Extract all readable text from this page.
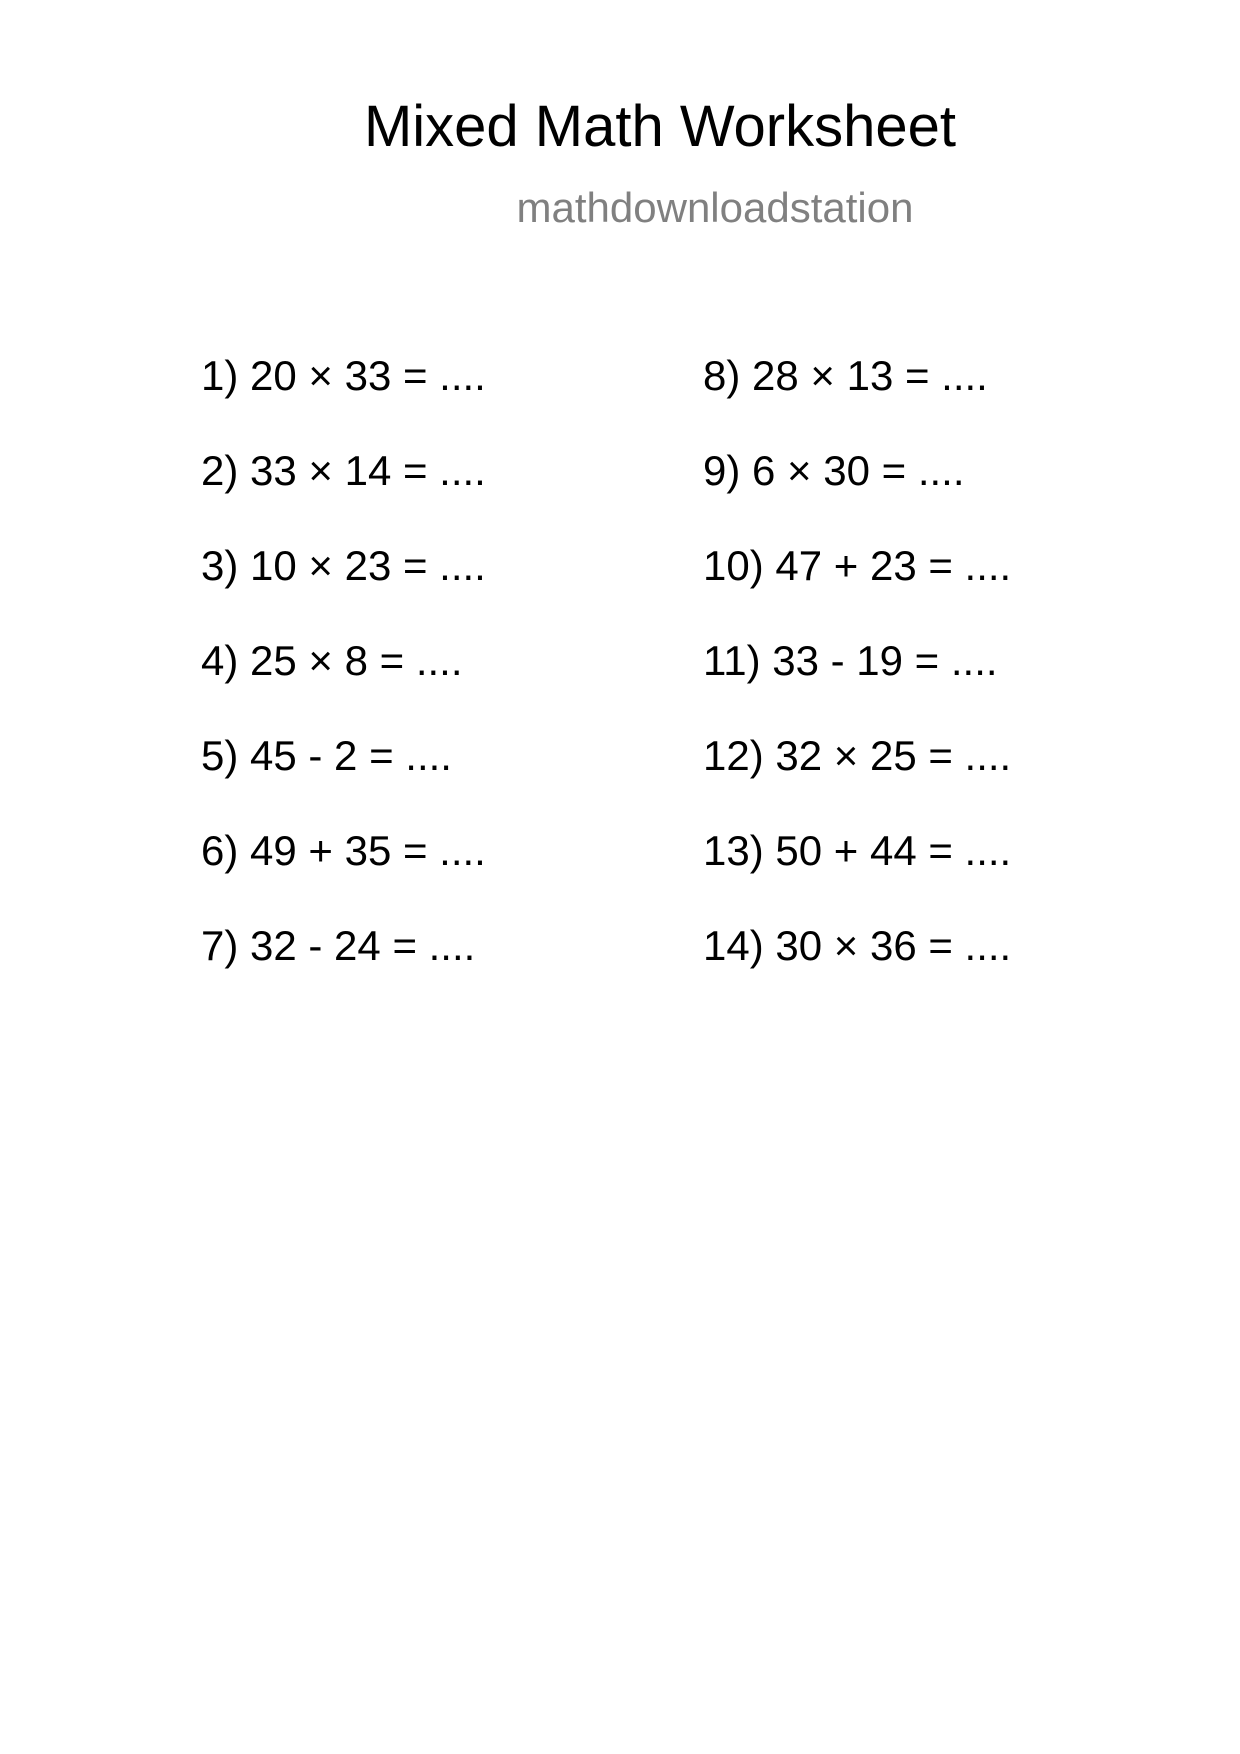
Mixed Math Worksheet
mathdownloadstation
1) 20 × 33 = ....
2) 33 × 14 = ....
3) 10 × 23 = ....
4) 25 × 8 = ....
5) 45 - 2 = ....
6) 49 + 35 = ....
7) 32 - 24 = ....
8) 28 × 13 = ....
9) 6 × 30 = ....
10) 47 + 23 = ....
11) 33 - 19 = ....
12) 32 × 25 = ....
13) 50 + 44 = ....
14) 30 × 36 = ....
